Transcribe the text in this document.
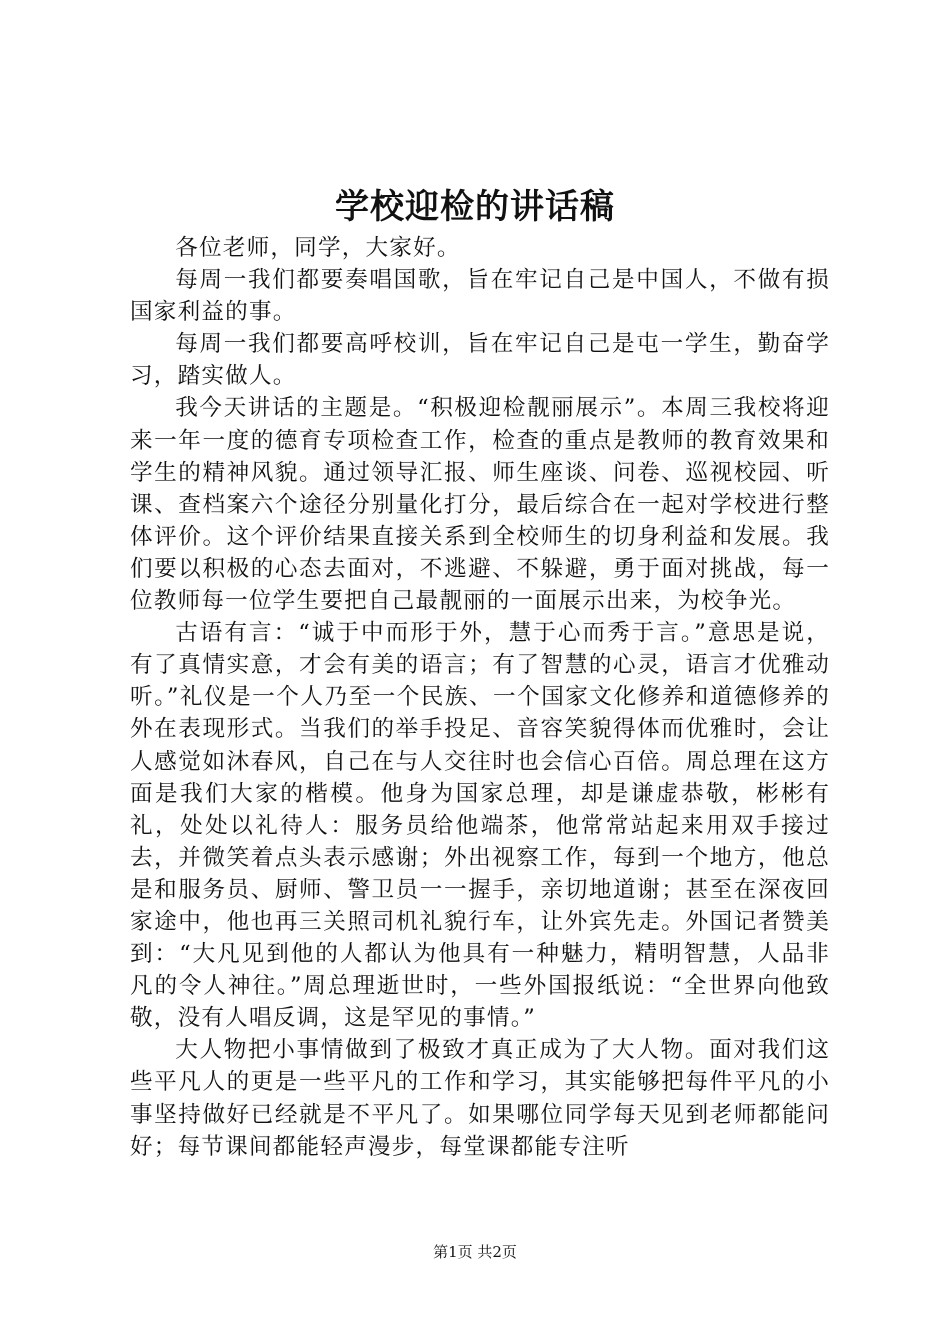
学校迎检的讲话稿

各位老师，同学，大家好。

每周一我们都要奏唱国歌，旨在牢记自己是中国人，不做有损国家利益的事。

每周一我们都要高呼校训，旨在牢记自己是屯一学生，勤奋学习，踏实做人。

我今天讲话的主题是。“积极迎检靓丽展示”。本周三我校将迎来一年一度的德育专项检查工作，检查的重点是教师的教育效果和学生的精神风貌。通过领导汇报、师生座谈、问卷、巡视校园、听课、查档案六个途径分别量化打分，最后综合在一起对学校进行整体评价。这个评价结果直接关系到全校师生的切身利益和发展。我们要以积极的心态去面对，不逃避、不躲避，勇于面对挑战，每一位教师每一位学生要把自己最靓丽的一面展示出来，为校争光。

古语有言：“诚于中而形于外，慧于心而秀于言。”意思是说，有了真情实意，才会有美的语言；有了智慧的心灵，语言才优雅动听。”礼仪是一个人乃至一个民族、一个国家文化修养和道德修养的外在表现形式。当我们的举手投足、音容笑貌得体而优雅时，会让人感觉如沐春风，自己在与人交往时也会信心百倍。周总理在这方面是我们大家的楷模。他身为国家总理，却是谦虚恭敬，彬彬有礼，处处以礼待人：服务员给他端茶，他常常站起来用双手接过去，并微笑着点头表示感谢；外出视察工作，每到一个地方，他总是和服务员、厨师、警卫员一一握手，亲切地道谢；甚至在深夜回家途中，他也再三关照司机礼貌行车，让外宾先走。外国记者赞美到：“大凡见到他的人都认为他具有一种魅力，精明智慧，人品非凡的令人神往。”周总理逝世时，一些外国报纸说：“全世界向他致敬，没有人唱反调，这是罕见的事情。”

大人物把小事情做到了极致才真正成为了大人物。面对我们这些平凡人的更是一些平凡的工作和学习，其实能够把每件平凡的小事坚持做好已经就是不平凡了。如果哪位同学每天见到老师都能问好；每节课间都能轻声漫步，每堂课都能专注听

第1页 共2页
